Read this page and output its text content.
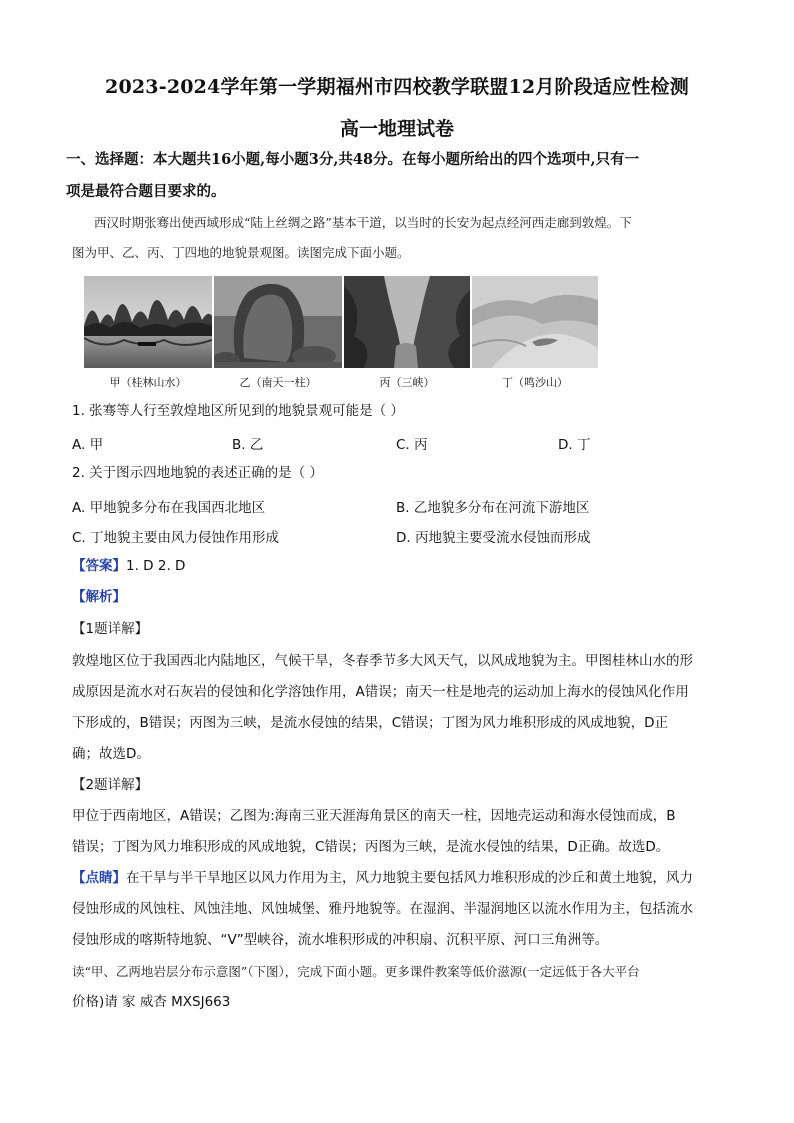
2023-2024学年第一学期福州市四校教学联盟12月阶段适应性检测
高一地理试卷
一、选择题：本大题共16小题,每小题3分,共48分。在每小题所给出的四个选项中,只有一
项是最符合题目要求的。
西汉时期张骞出使西域形成“陆上丝绸之路”基本干道，以当时的长安为起点经河西走廊到敦煌。下
图为甲、乙、丙、丁四地的地貌景观图。读图完成下面小题。
甲（桂林山水）	乙（南天一柱）	丙（三峡）	丁（鸣沙山）
1. 张骞等人行至敦煌地区所见到的地貌景观可能是（ ）
A. 甲	B. 乙	C. 丙	D. 丁
2. 关于图示四地地貌的表述正确的是（ ）
A. 甲地貌多分布在我国西北地区	B. 乙地貌多分布在河流下游地区
C. 丁地貌主要由风力侵蚀作用形成	D. 丙地貌主要受流水侵蚀而形成
【答案】1. D 2. D
【解析】
【1题详解】
敦煌地区位于我国西北内陆地区，气候干旱，冬春季节多大风天气，以风成地貌为主。甲图桂林山水的形
成原因是流水对石灰岩的侵蚀和化学溶蚀作用，A错误；南天一柱是地壳的运动加上海水的侵蚀风化作用
下形成的，B错误；丙图为三峡，是流水侵蚀的结果，C错误；丁图为风力堆积形成的风成地貌，D正
确；故选D。
【2题详解】
甲位于西南地区，A错误；乙图为:海南三亚天涯海角景区的南天一柱，因地壳运动和海水侵蚀而成，B
错误；丁图为风力堆积形成的风成地貌，C错误；丙图为三峡，是流水侵蚀的结果，D正确。故选D。
【点睛】在干旱与半干旱地区以风力作用为主，风力地貌主要包括风力堆积形成的沙丘和黄土地貌，风力
侵蚀形成的风蚀柱、风蚀洼地、风蚀城堡、雅丹地貌等。在湿润、半湿润地区以流水作用为主，包括流水
侵蚀形成的喀斯特地貌、“V”型峡谷，流水堆积形成的冲积扇、沉积平原、河口三角洲等。
读“甲、乙两地岩层分布示意图”（下图），完成下面小题。更多课件教案等低价滋源(一定远低于各大平台
价格)请 家 威杏 MXSJ663
